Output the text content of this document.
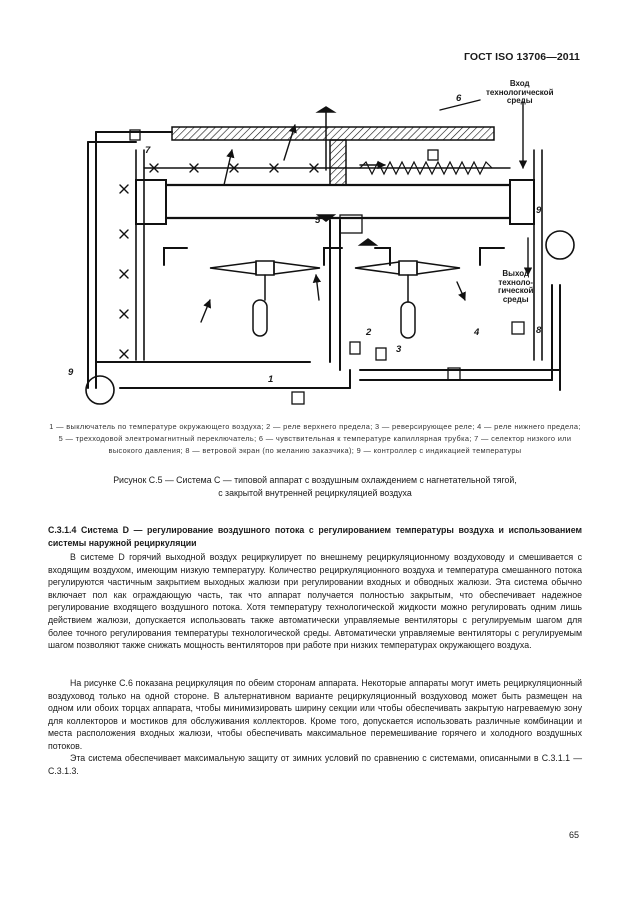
ГОСТ ISO 13706—2011
6
7
5
9
8
9
2
3
4
1
Вход
технологической
среды
Выход
техноло-
гической
среды
1 — выключатель по температуре окружающего воздуха; 2 — реле верхнего предела; 3 — реверсирующее реле; 4 — реле нижнего предела; 5 — трехходовой электромагнитный переключатель; 6 — чувствительная к температуре капиллярная трубка; 7 — селектор низкого или высокого давления; 8 — ветровой экран (по желанию заказчика); 9 — контроллер с индикацией температуры
Рисунок С.5 — Система С — типовой аппарат с воздушным охлаждением с нагнетательной тягой,
с закрытой внутренней рециркуляцией воздуха
С.3.1.4 Система D — регулирование воздушного потока с регулированием температуры воздуха и использованием системы наружной рециркуляции

В системе D горячий выходной воздух рециркулирует по внешнему рециркуляционному воздуховоду и смешивается с входящим воздухом, имеющим низкую температуру. Количество рециркуляционного воздуха и температура смешанного потока регулируются частичным закрытием выходных жалюзи при регулировании входных и обводных жалюзи. Эта система обычно включает пол как ограждающую часть, так что аппарат получается полностью закрытым, что обеспечивает надежное регулирование входящего воздушного потока. Хотя температуру технологической жидкости можно регулировать одним лишь действием жалюзи, допускается использовать также автоматически управляемые вентиляторы с регулируемым шагом для более точного регулирования температуры технологической среды. Автоматически управляемые вентиляторы с регулируемым шагом позволяют также снижать мощность вентиляторов при работе при низких температурах окружающего воздуха.

На рисунке С.6 показана рециркуляция по обеим сторонам аппарата. Некоторые аппараты могут иметь рециркуляционный воздуховод только на одной стороне. В альтернативном варианте рециркуляционный воздуховод может быть размещен на одном или обоих торцах аппарата, чтобы минимизировать ширину секции или чтобы обеспечивать закрытую нагреваемую зону для коллекторов и мостиков для обслуживания коллекторов. Кроме того, допускается использовать различные комбинации и места расположения входных жалюзи, чтобы обеспечивать максимальное перемешивание горячего и холодного воздушных потоков.

Эта система обеспечивает максимальную защиту от зимних условий по сравнению с системами, описанными в С.3.1.1 — С.3.1.3.

65
